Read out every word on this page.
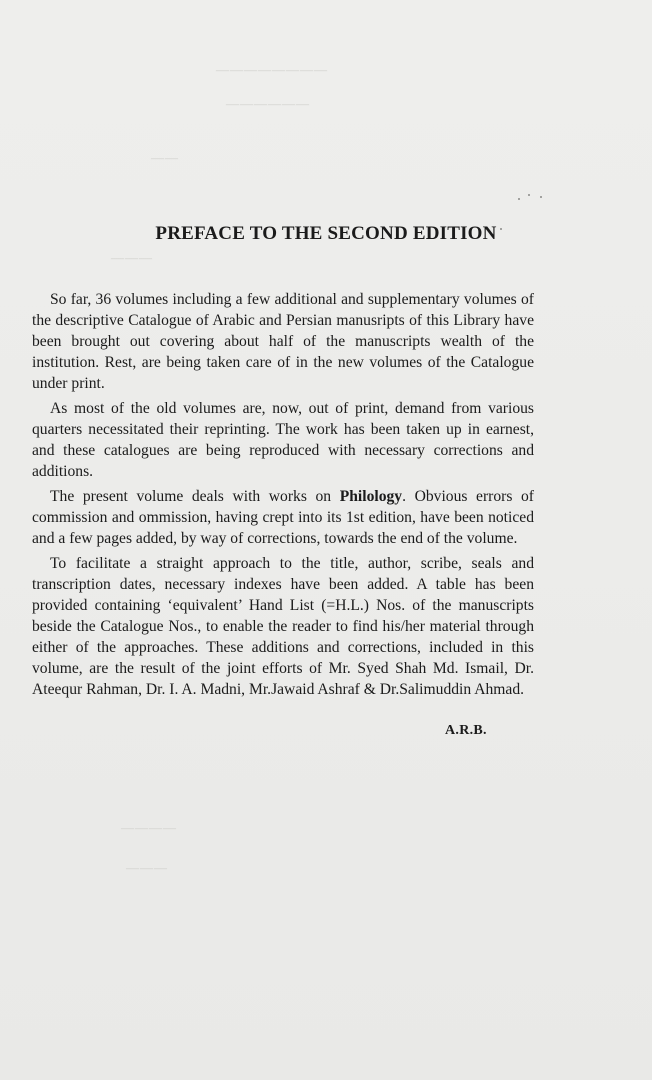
————————
——————
——
———
————
———
PREFACE TO THE SECOND EDITION

So far, 36 volumes including a few additional and supplementary volumes of the descriptive Catalogue of Arabic and Persian manusripts of this Library have been brought out covering about half of the manuscripts wealth of the institution. Rest, are being taken care of in the new volumes of the Catalogue under print.

As most of the old volumes are, now, out of print, demand from various quarters necessitated their reprinting. The work has been taken up in earnest, and these catalogues are being reproduced with necessary corrections and additions.

The present volume deals with works on Philology. Obvious errors of commission and ommission, having crept into its 1st edition, have been noticed and a few pages added, by way of corrections, towards the end of the volume.

To facilitate a straight approach to the title, author, scribe, seals and transcription dates, necessary indexes have been added. A table has been provided containing ‘equivalent’ Hand List (=H.L.) Nos. of the manuscripts beside the Catalogue Nos., to enable the reader to find his/her material through either of the approaches. These additions and corrections, included in this volume, are the result of the joint efforts of Mr. Syed Shah Md. Ismail, Dr. Ateequr Rahman, Dr. I. A. Madni, Mr.Jawaid Ashraf & Dr.Salimuddin Ahmad.

A.R.B.
